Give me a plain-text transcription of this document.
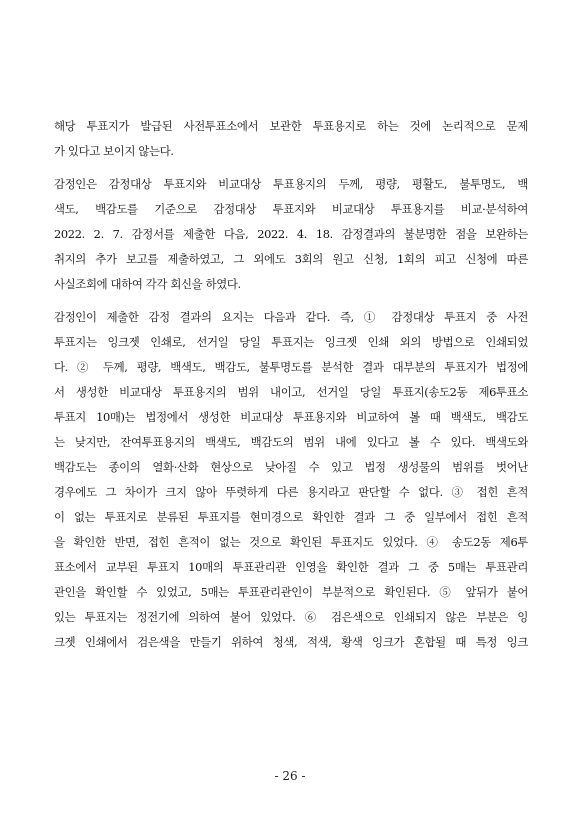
해당 투표지가 발급된 사전투표소에서 보관한 투표용지로 하는 것에 논리적으로 문제
가 있다고 보이지 않는다.
감정인은 감정대상 투표지와 비교대상 투표용지의 두께, 평량, 평활도, 불투명도, 백
색도, 백감도를 기준으로 감정대상 투표지와 비교대상 투표용지를 비교·분석하여
2022. 2. 7. 감정서를 제출한 다음, 2022. 4. 18. 감정결과의 불분명한 점을 보완하는
취지의 추가 보고를 제출하였고, 그 외에도 3회의 원고 신청, 1회의 피고 신청에 따른
사실조회에 대하여 각각 회신을 하였다.
감정인이 제출한 감정 결과의 요지는 다음과 같다. 즉, ① 감정대상 투표지 중 사전
투표지는 잉크젯 인쇄로, 선거일 당일 투표지는 잉크젯 인쇄 외의 방법으로 인쇄되었
다. ② 두께, 평량, 백색도, 백감도, 불투명도를 분석한 결과 대부분의 투표지가 법정에
서 생성한 비교대상 투표용지의 범위 내이고, 선거일 당일 투표지(송도2동 제6투표소
투표지 10매)는 법정에서 생성한 비교대상 투표용지와 비교하여 볼 때 백색도, 백감도
는 낮지만, 잔여투표용지의 백색도, 백감도의 범위 내에 있다고 볼 수 있다. 백색도와
백감도는 종이의 열화·산화 현상으로 낮아질 수 있고 법정 생성물의 범위를 벗어난
경우에도 그 차이가 크지 않아 뚜렷하게 다른 용지라고 판단할 수 없다. ③ 접힌 흔적
이 없는 투표지로 분류된 투표지를 현미경으로 확인한 결과 그 중 일부에서 접힌 흔적
을 확인한 반면, 접힌 흔적이 없는 것으로 확인된 투표지도 있었다. ④ 송도2동 제6투
표소에서 교부된 투표지 10매의 투표관리관 인영을 확인한 결과 그 중 5매는 투표관리
관인을 확인할 수 있었고, 5매는 투표관리관인이 부분적으로 확인된다. ⑤ 앞뒤가 붙어
있는 투표지는 정전기에 의하여 붙어 있었다. ⑥ 검은색으로 인쇄되지 않은 부분은 잉
크젯 인쇄에서 검은색을 만들기 위하여 청색, 적색, 황색 잉크가 혼합될 때 특정 잉크
- 26 -
